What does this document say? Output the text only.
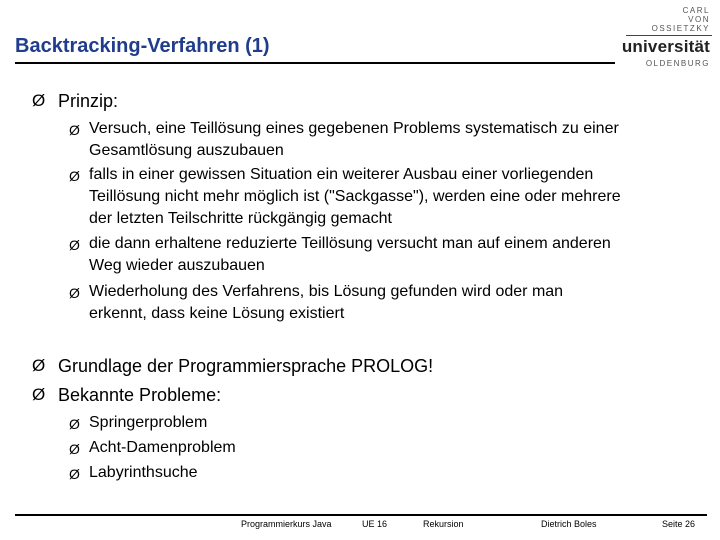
Backtracking-Verfahren (1)
CARL
VON
OSSIETZKY
universität
OLDENBURG
Ø Prinzip:
Ø Versuch, eine Teillösung eines gegebenen Problems systematisch zu einer
Gesamtlösung auszubauen
Ø falls in einer gewissen Situation ein weiterer Ausbau einer vorliegenden
Teillösung nicht mehr möglich ist ("Sackgasse"), werden eine oder mehrere
der letzten Teilschritte rückgängig gemacht
Ø die dann erhaltene reduzierte Teillösung versucht man auf einem anderen
Weg wieder auszubauen
Ø Wiederholung des Verfahrens, bis Lösung gefunden wird oder man
erkennt, dass keine Lösung existiert
Ø Grundlage der Programmiersprache PROLOG!
Ø Bekannte Probleme:
Ø Springerproblem
Ø Acht-Damenproblem
Ø Labyrinthsuche
Programmierkurs Java	UE 16	Rekursion	Dietrich Boles	Seite 26
